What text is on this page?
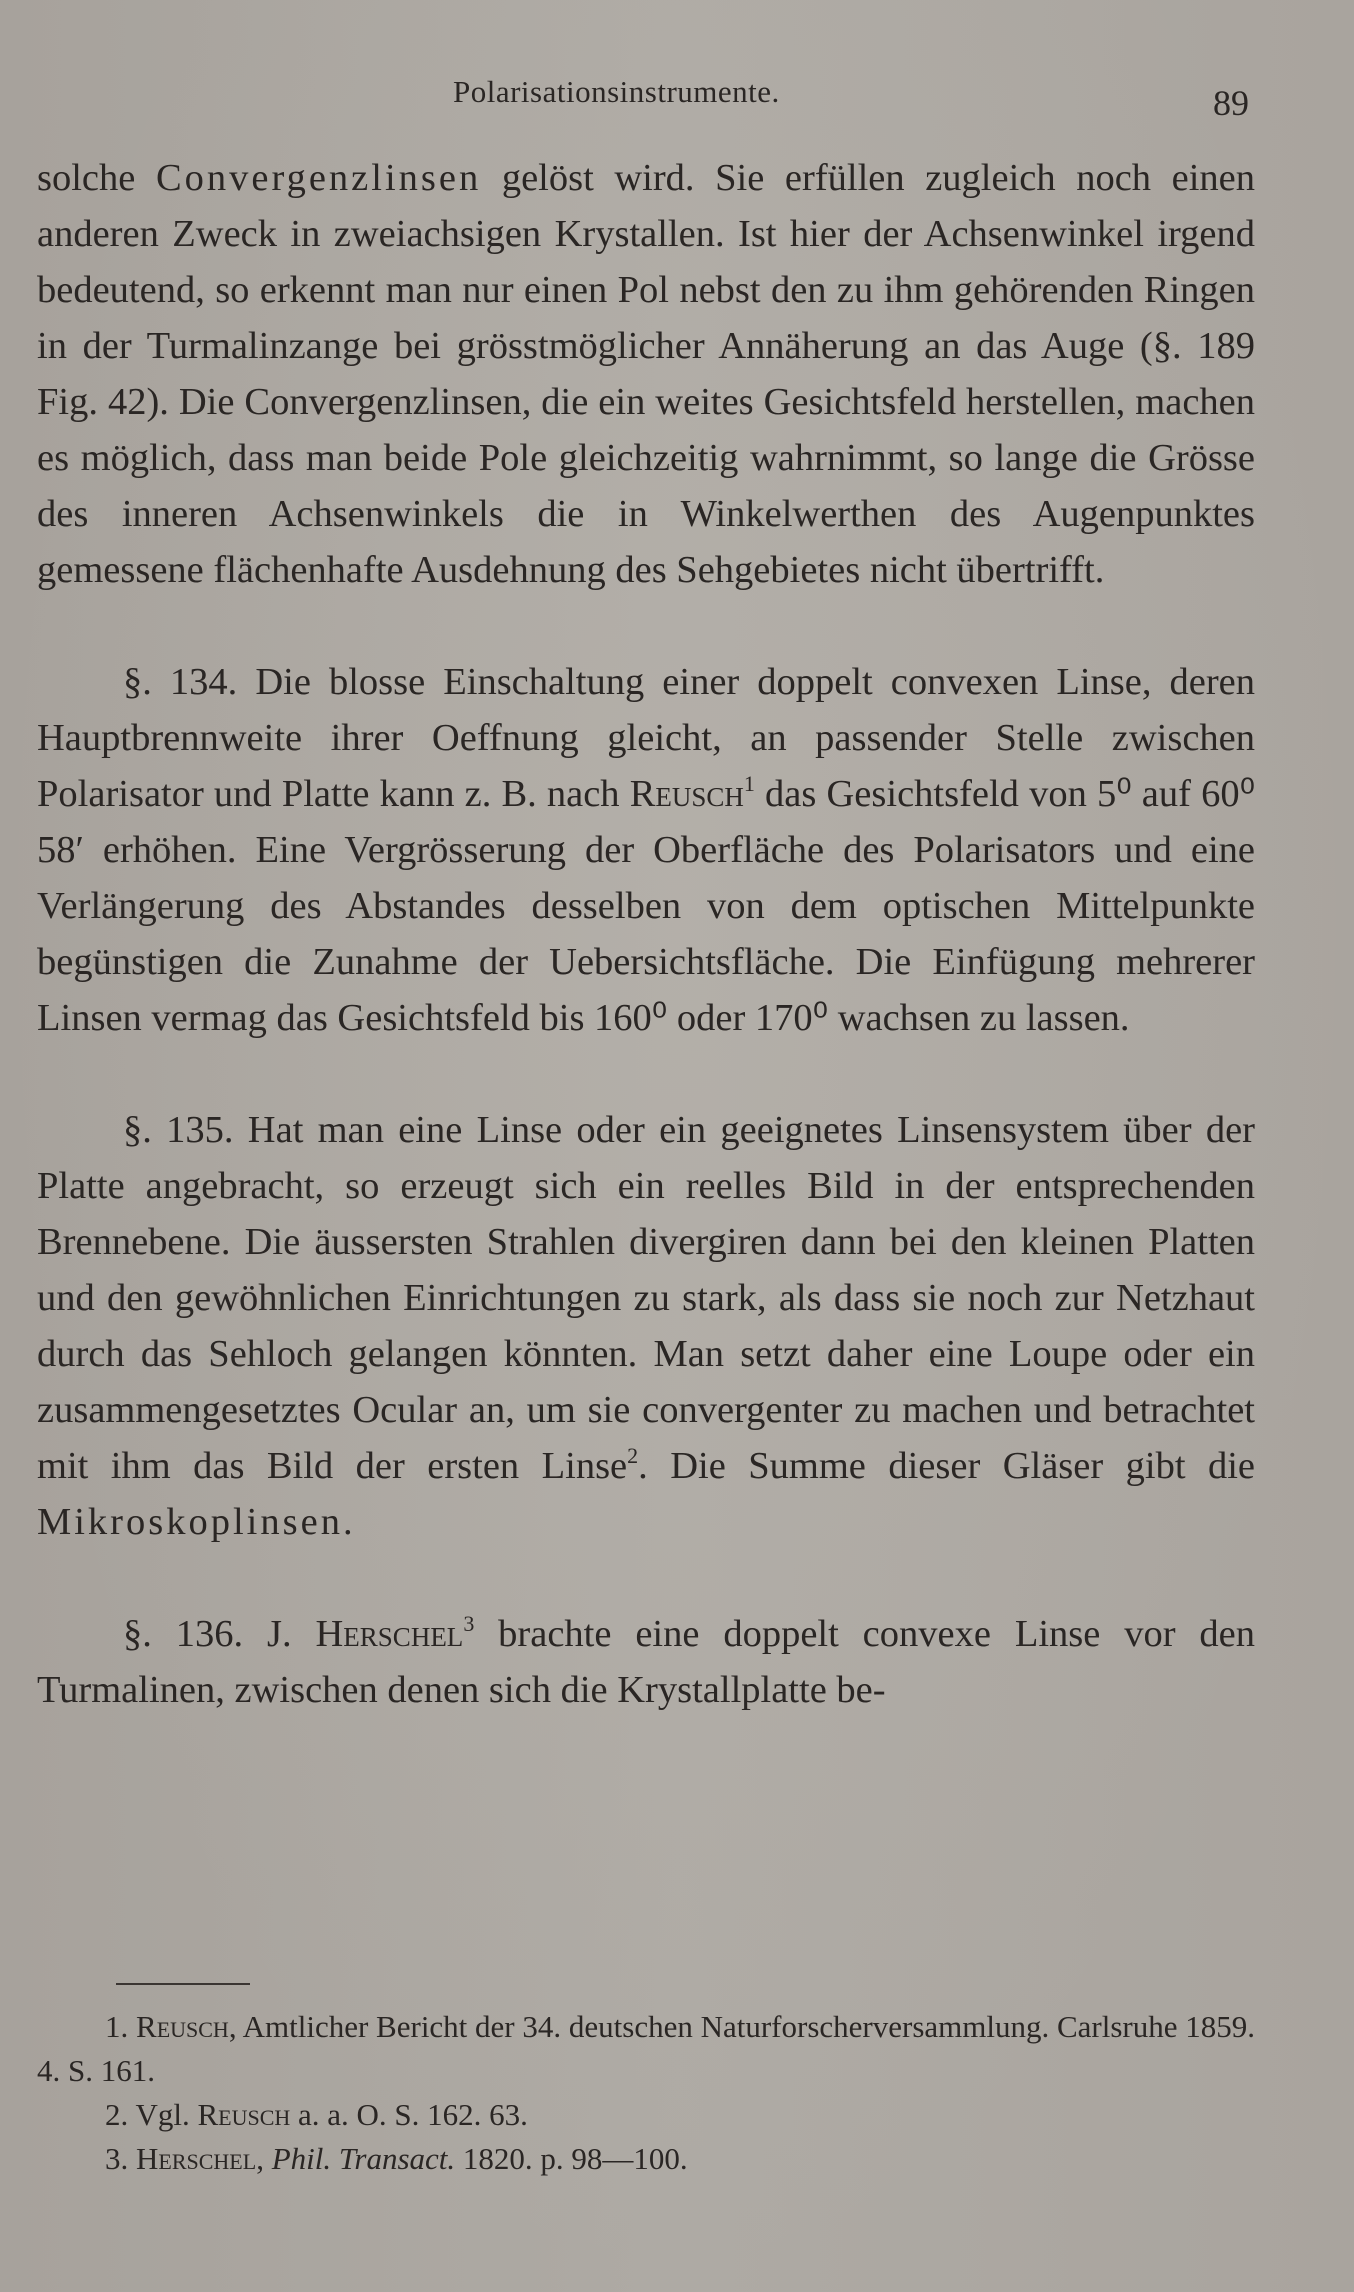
Polarisationsinstrumente.	89

solche Convergenzlinsen gelöst wird. Sie erfüllen zugleich noch einen anderen Zweck in zweiachsigen Krystallen. Ist hier der Achsenwinkel irgend bedeutend, so erkennt man nur einen Pol nebst den zu ihm gehörenden Ringen in der Turmalinzange bei grösstmöglicher Annäherung an das Auge (§. 189 Fig. 42). Die Convergenzlinsen, die ein weites Gesichtsfeld herstellen, machen es möglich, dass man beide Pole gleichzeitig wahrnimmt, so lange die Grösse des inneren Achsenwinkels die in Winkelwerthen des Augenpunktes gemessene flächenhafte Ausdehnung des Sehgebietes nicht übertrifft.

§. 134. Die blosse Einschaltung einer doppelt convexen Linse, deren Hauptbrennweite ihrer Oeffnung gleicht, an passender Stelle zwischen Polarisator und Platte kann z. B. nach Reusch$^1$ das Gesichtsfeld von 5⁰ auf 60⁰ 58′ erhöhen. Eine Vergrösserung der Oberfläche des Polarisators und eine Verlängerung des Abstandes desselben von dem optischen Mittelpunkte begünstigen die Zunahme der Uebersichtsfläche. Die Einfügung mehrerer Linsen vermag das Gesichtsfeld bis 160⁰ oder 170⁰ wachsen zu lassen.

§. 135. Hat man eine Linse oder ein geeignetes Linsensystem über der Platte angebracht, so erzeugt sich ein reelles Bild in der entsprechenden Brennebene. Die äussersten Strahlen divergiren dann bei den kleinen Platten und den gewöhnlichen Einrichtungen zu stark, als dass sie noch zur Netzhaut durch das Sehloch gelangen könnten. Man setzt daher eine Loupe oder ein zusammengesetztes Ocular an, um sie convergenter zu machen und betrachtet mit ihm das Bild der ersten Linse$^2$. Die Summe dieser Gläser gibt die Mikroskoplinsen.

§. 136. J. Herschel$^3$ brachte eine doppelt convexe Linse vor den Turmalinen, zwischen denen sich die Krystallplatte be-

1. Reusch, Amtlicher Bericht der 34. deutschen Naturforscherversammlung. Carlsruhe 1859. 4. S. 161.

2. Vgl. Reusch a. a. O. S. 162. 63.

3. Herschel, Phil. Transact. 1820. p. 98—100.
